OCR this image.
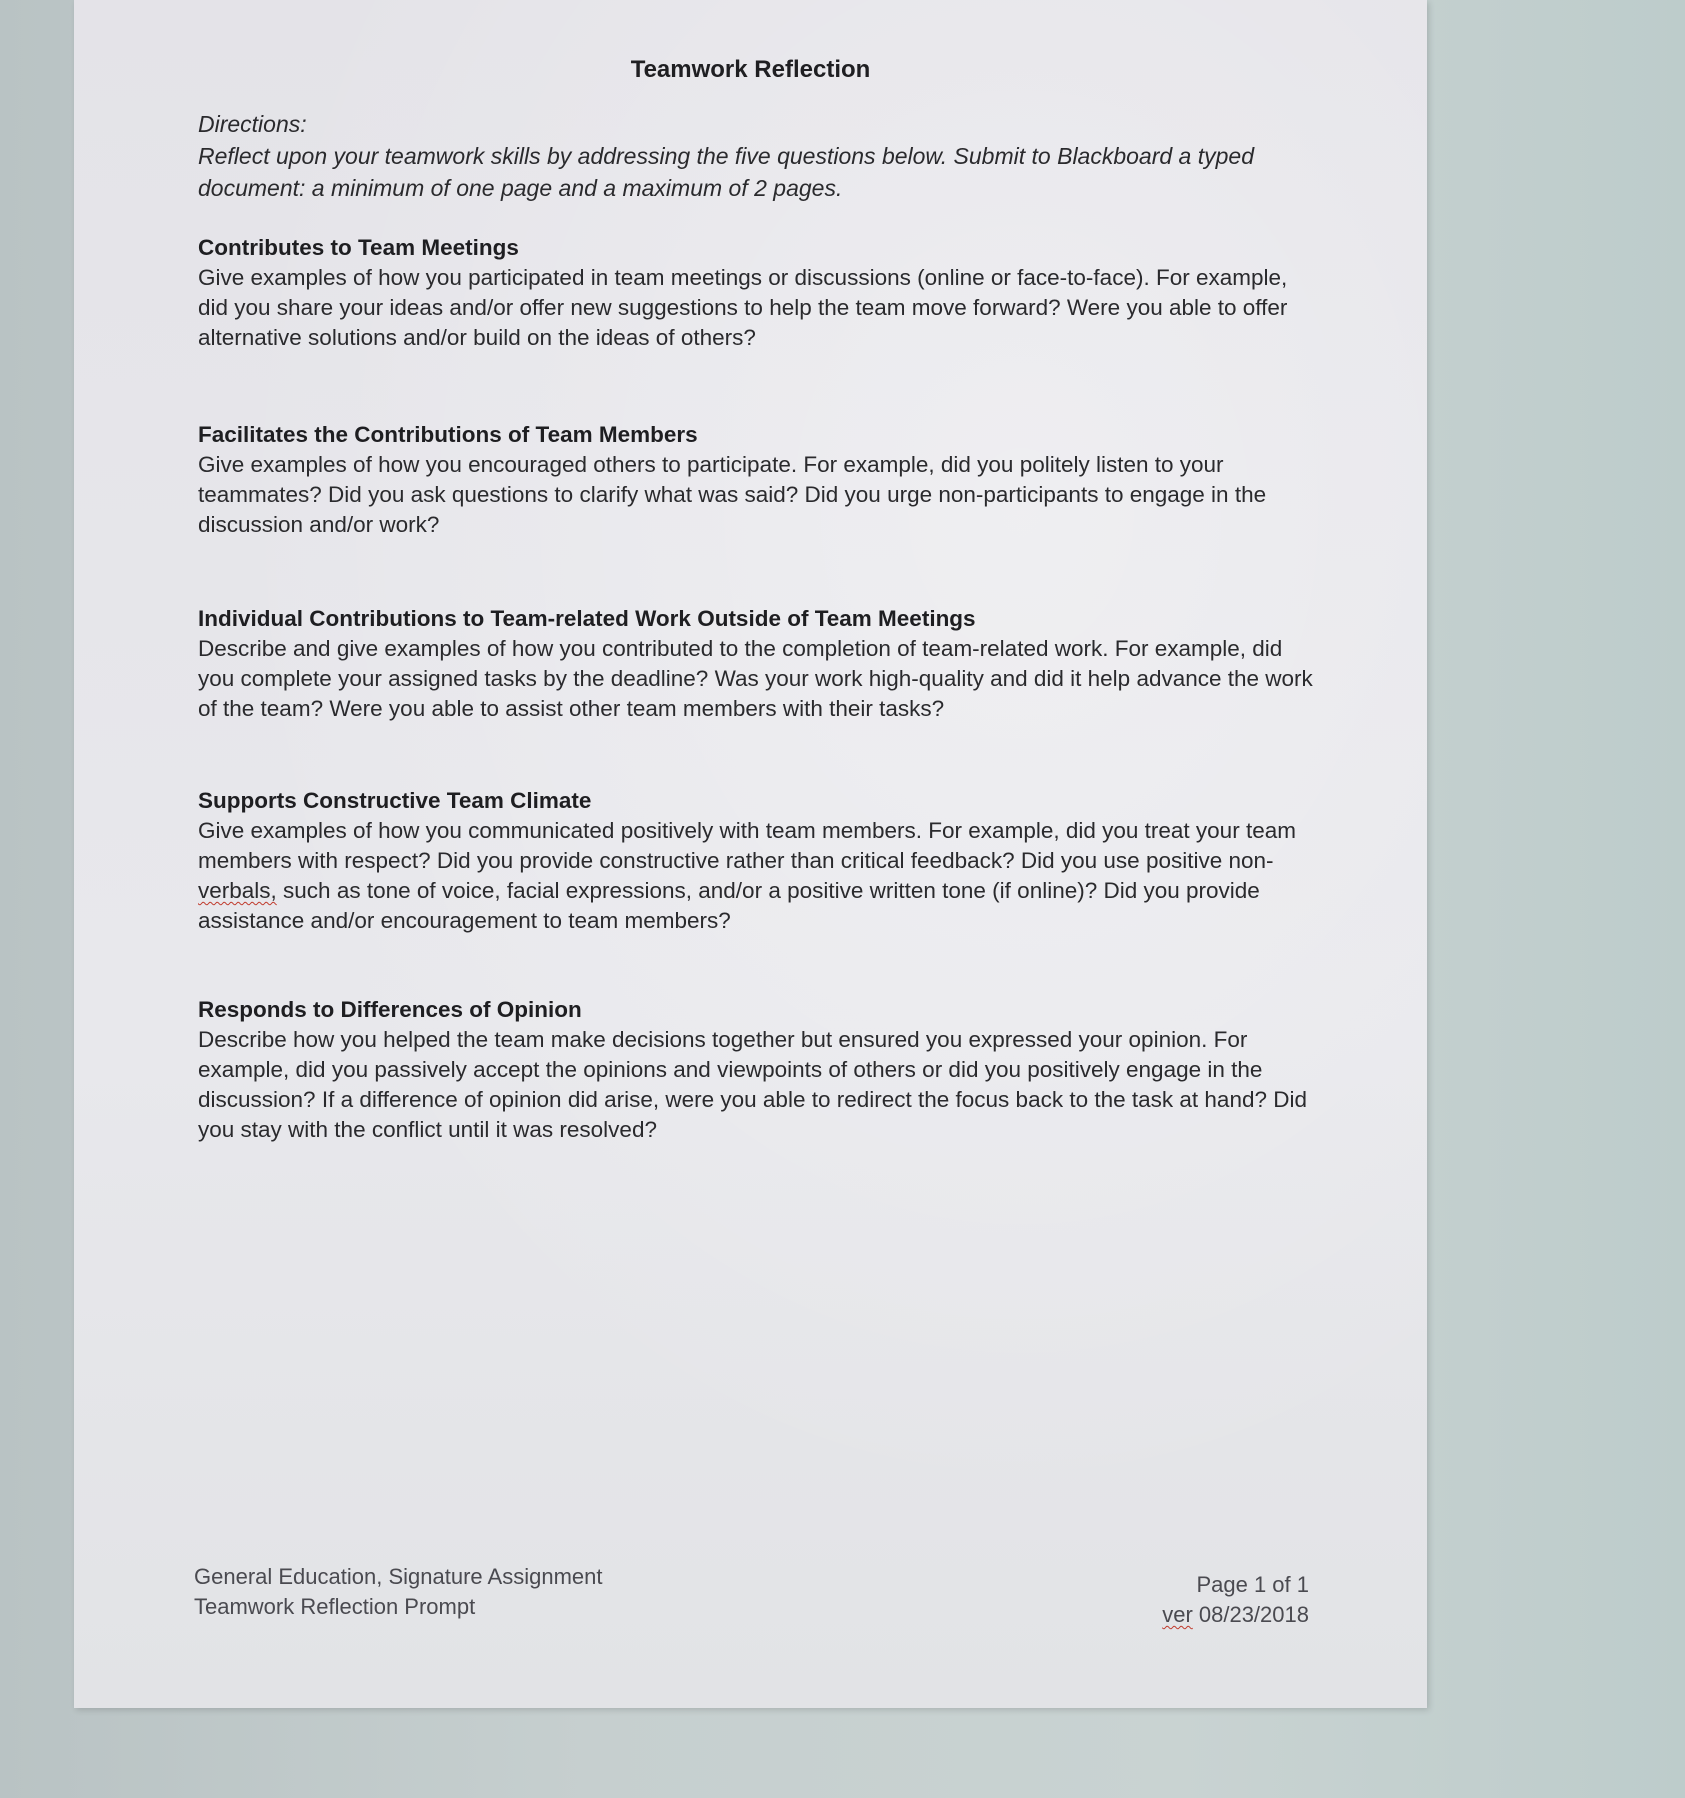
Teamwork Reflection

Directions:

Reflect upon your teamwork skills by addressing the five questions below. Submit to Blackboard a typed document: a minimum of one page and a maximum of 2 pages.

Contributes to Team Meetings

Give examples of how you participated in team meetings or discussions (online or face-to-face). For example, did you share your ideas and/or offer new suggestions to help the team move forward? Were you able to offer alternative solutions and/or build on the ideas of others?

Facilitates the Contributions of Team Members

Give examples of how you encouraged others to participate. For example, did you politely listen to your teammates? Did you ask questions to clarify what was said? Did you urge non-participants to engage in the discussion and/or work?

Individual Contributions to Team-related Work Outside of Team Meetings

Describe and give examples of how you contributed to the completion of team-related work. For example, did you complete your assigned tasks by the deadline? Was your work high-quality and did it help advance the work of the team? Were you able to assist other team members with their tasks?

Supports Constructive Team Climate

Give examples of how you communicated positively with team members. For example, did you treat your team members with respect? Did you provide constructive rather than critical feedback? Did you use positive non-verbals, such as tone of voice, facial expressions, and/or a positive written tone (if online)? Did you provide assistance and/or encouragement to team members?

Responds to Differences of Opinion

Describe how you helped the team make decisions together but ensured you expressed your opinion. For example, did you passively accept the opinions and viewpoints of others or did you positively engage in the discussion? If a difference of opinion did arise, were you able to redirect the focus back to the task at hand? Did you stay with the conflict until it was resolved?

General Education, Signature Assignment
Teamwork Reflection Prompt
Page 1 of 1
ver 08/23/2018
